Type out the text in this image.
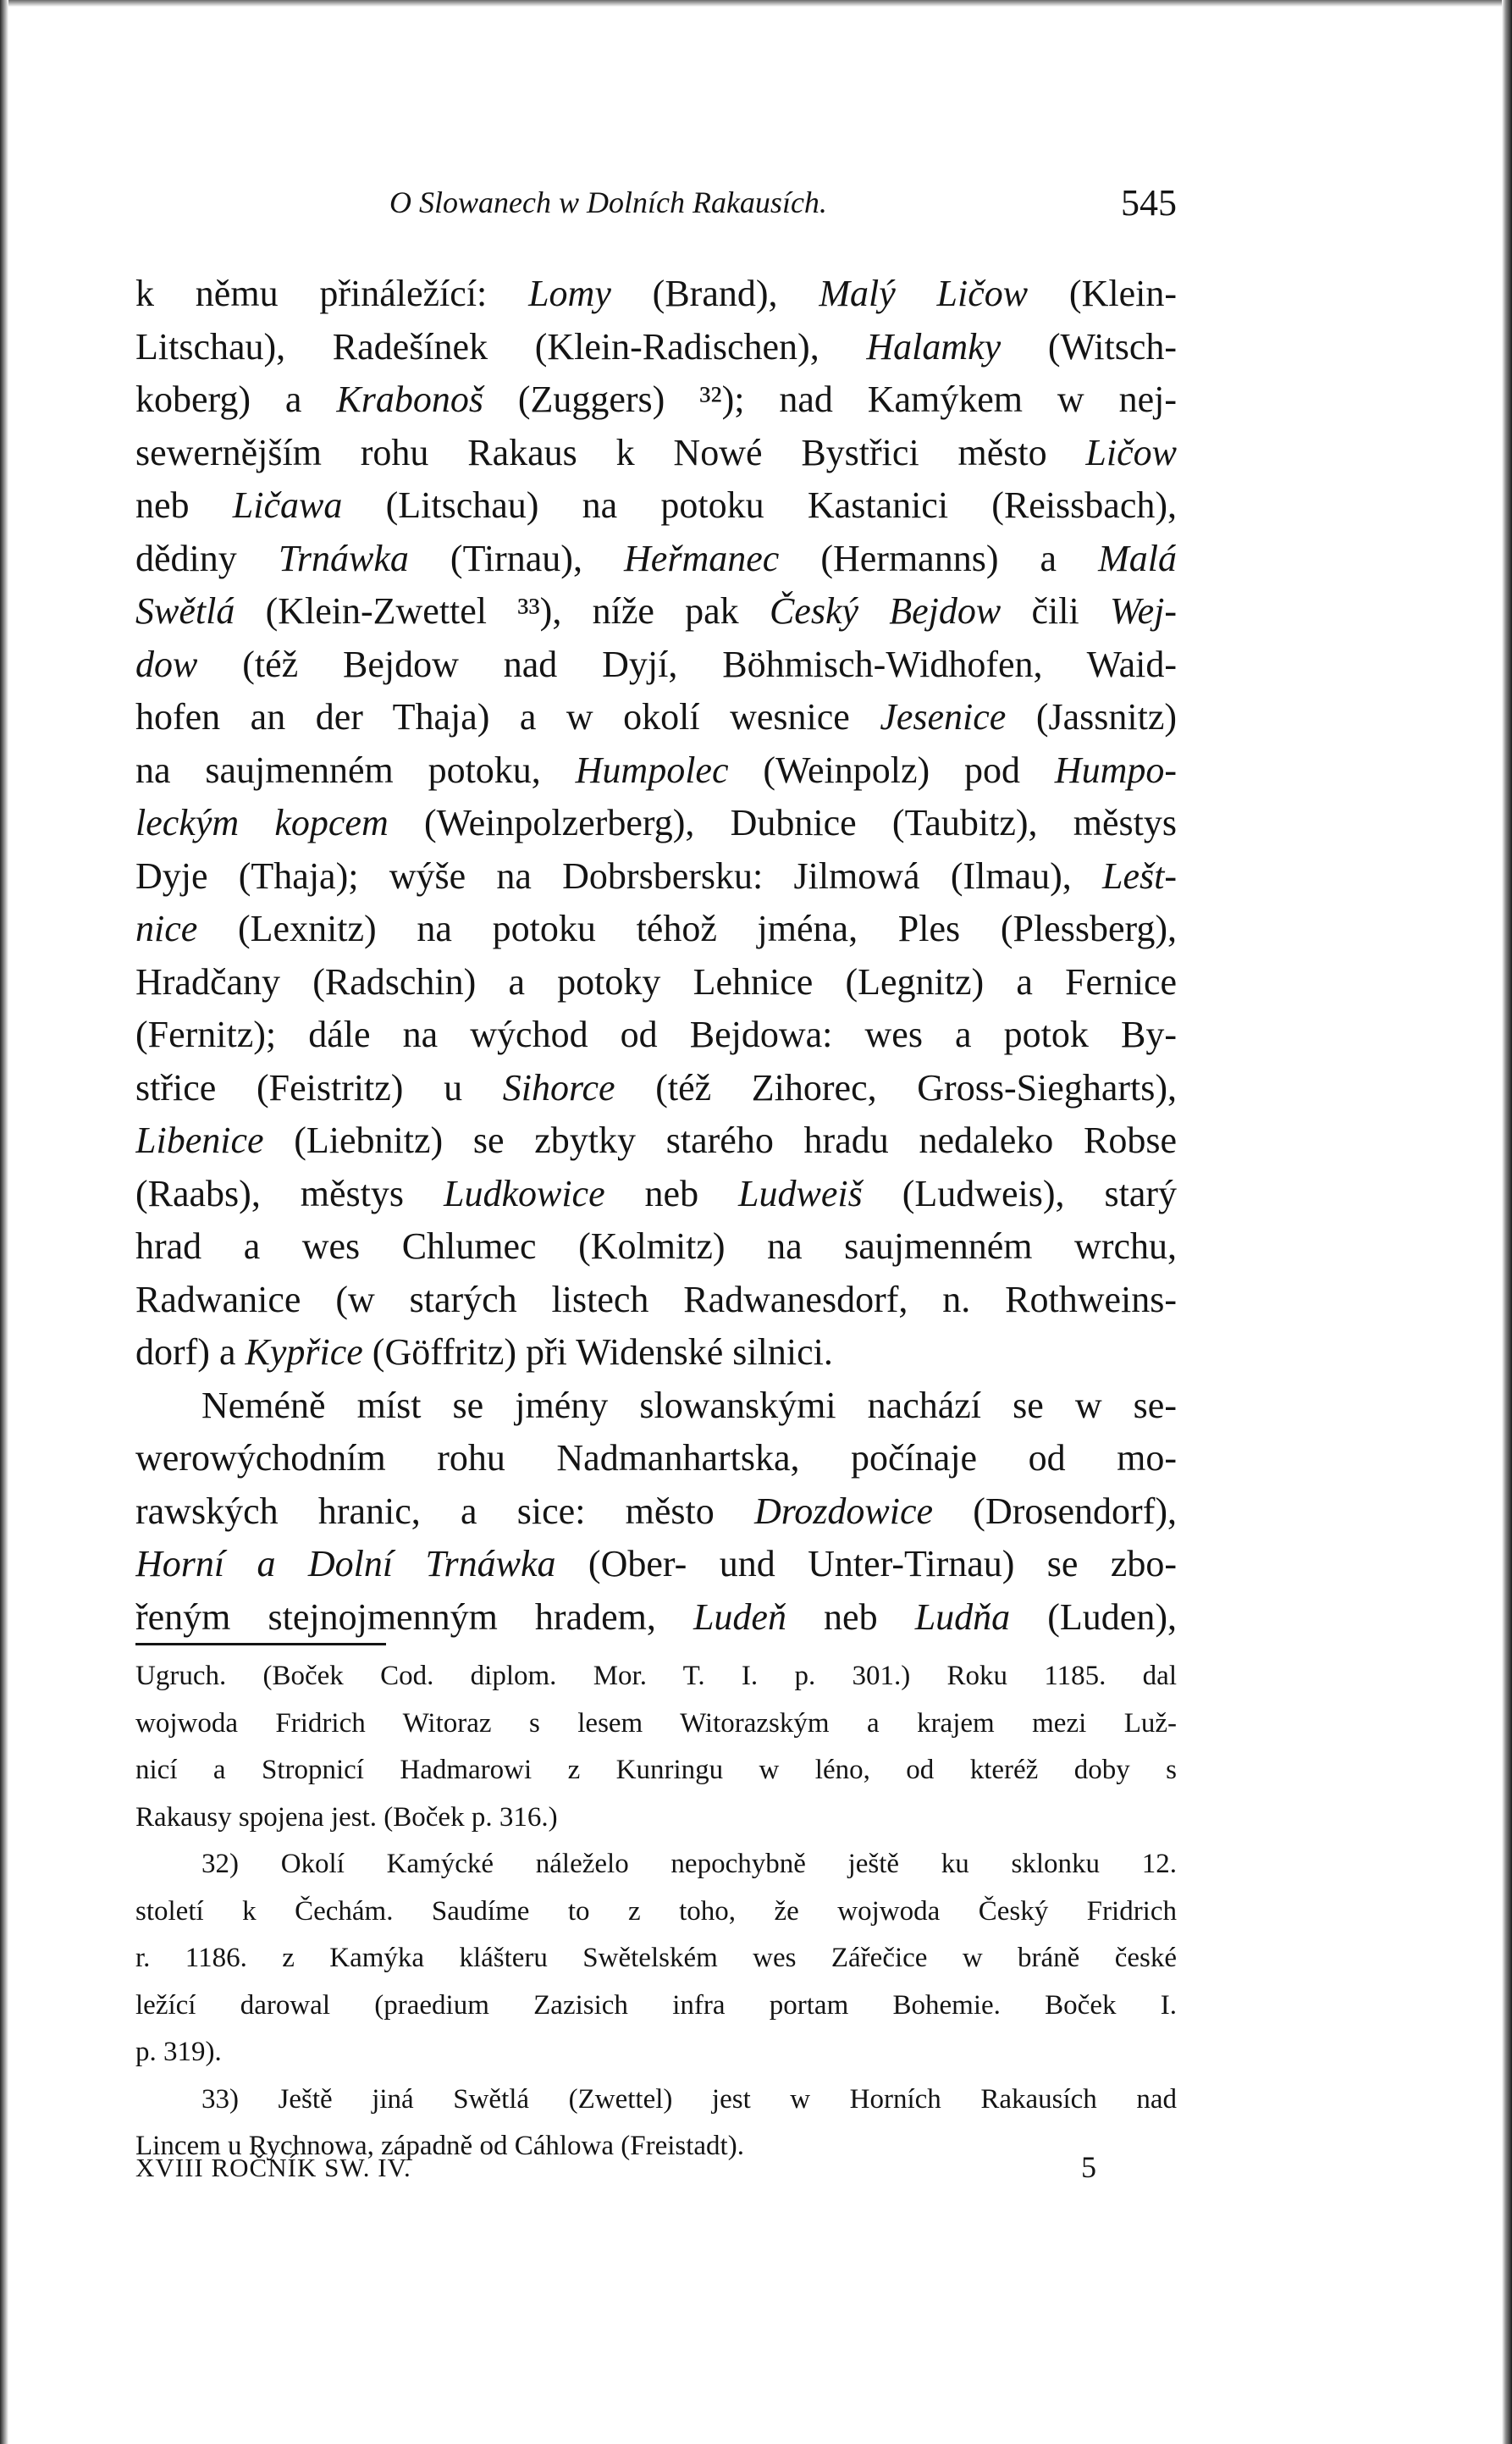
O Slowanech w Dolních Rakausích.	545
k němu přináležící: Lomy (Brand), Malý Ličow (Klein-
Litschau), Radešínek (Klein-Radischen), Halamky (Witsch-
koberg) a Krabonoš (Zuggers) ³²); nad Kamýkem w nej-
sewernějším rohu Rakaus k Nowé Bystřici město Ličow
neb Ličawa (Litschau) na potoku Kastanici (Reissbach),
dědiny Trnáwka (Tirnau), Heřmanec (Hermanns) a Malá
Swětlá (Klein-Zwettel ³³), níže pak Český Bejdow čili Wej-
dow (též Bejdow nad Dyjí, Böhmisch-Widhofen, Waid-
hofen an der Thaja) a w okolí wesnice Jesenice (Jassnitz)
na saujmenném potoku, Humpolec (Weinpolz) pod Humpo-
leckým kopcem (Weinpolzerberg), Dubnice (Taubitz), městys
Dyje (Thaja); wýše na Dobrsbersku: Jilmowá (Ilmau), Lešt-
nice (Lexnitz) na potoku téhož jména, Ples (Plessberg),
Hradčany (Radschin) a potoky Lehnice (Legnitz) a Fernice
(Fernitz); dále na wýchod od Bejdowa: wes a potok By-
střice (Feistritz) u Sihorce (též Zihorec, Gross-Siegharts),
Libenice (Liebnitz) se zbytky starého hradu nedaleko Robse
(Raabs), městys Ludkowice neb Ludweiš (Ludweis), starý
hrad a wes Chlumec (Kolmitz) na saujmenném wrchu,
Radwanice (w starých listech Radwanesdorf, n. Rothweins-
dorf) a Kypřice (Göffritz) při Widenské silnici.
Neméně míst se jmény slowanskými nachází se w se-
werowýchodním rohu Nadmanhartska, počínaje od mo-
rawských hranic, a sice: město Drozdowice (Drosendorf),
Horní a Dolní Trnáwka (Ober- und Unter-Tirnau) se zbo-
řeným stejnojmenným hradem, Ludeň neb Ludňa (Luden),
Ugruch. (Boček Cod. diplom. Mor. T. I. p. 301.) Roku 1185. dal
wojwoda Fridrich Witoraz s lesem Witorazským a krajem mezi Luž-
nicí a Stropnicí Hadmarowi z Kunringu w léno, od kteréž doby s
Rakausy spojena jest. (Boček p. 316.)
32) Okolí Kamýcké náleželo nepochybně ještě ku sklonku 12.
století k Čechám. Saudíme to z toho, že wojwoda Český Fridrich
r. 1186. z Kamýka klášteru Swětelském wes Zářečice w bráně české
ležící darowal (praedium Zazisich infra portam Bohemie. Boček I.
p. 319).
33) Ještě jiná Swětlá (Zwettel) jest w Horních Rakausích nad
Lincem u Rychnowa, západně od Cáhlowa (Freistadt).
XVIII ROČNÍK SW. IV.	5
